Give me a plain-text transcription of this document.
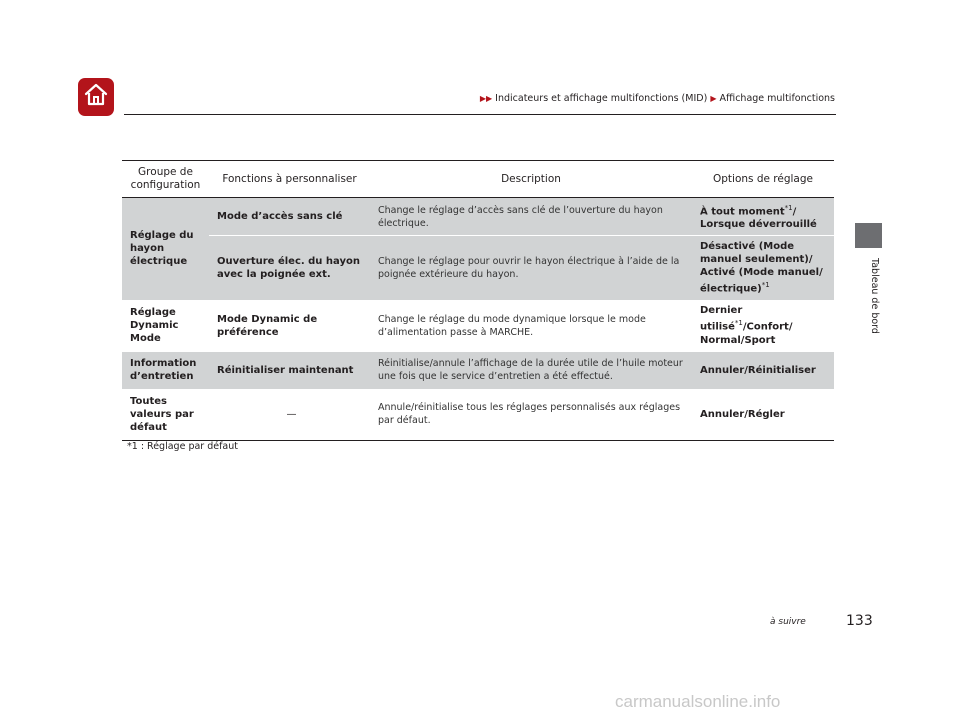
▶▶ Indicateurs et affichage multifonctions (MID) ▶ Affichage multifonctions
Tableau de bord
Groupe de configuration	Fonctions à personnaliser	Description	Options de réglage
Réglage du hayon électrique	Mode d’accès sans clé	Change le réglage d’accès sans clé de l’ouverture du hayon électrique.	À tout moment$^{*1}$/
Lorsque déverrouillé
	Ouverture élec. du hayon avec la poignée ext.	Change le réglage pour ouvrir le hayon électrique à l’aide de la poignée extérieure du hayon.	Désactivé (Mode manuel seulement)/
Activé (Mode manuel/ électrique)$^{*1}$
Réglage Dynamic Mode	Mode Dynamic de préférence	Change le réglage du mode dynamique lorsque le mode d’alimentation passe à MARCHE.	Dernier utilisé$^{*1}$/Confort/
Normal/Sport
Information d’entretien	Réinitialiser maintenant	Réinitialise/annule l’affichage de la durée utile de l’huile moteur une fois que le service d’entretien a été effectué.	Annuler/Réinitialiser
Toutes valeurs par défaut	—	Annule/réinitialise tous les réglages personnalisés aux réglages par défaut.	Annuler/Régler
*1 : Réglage par défaut
à suivre	133
carmanualsonline.info
